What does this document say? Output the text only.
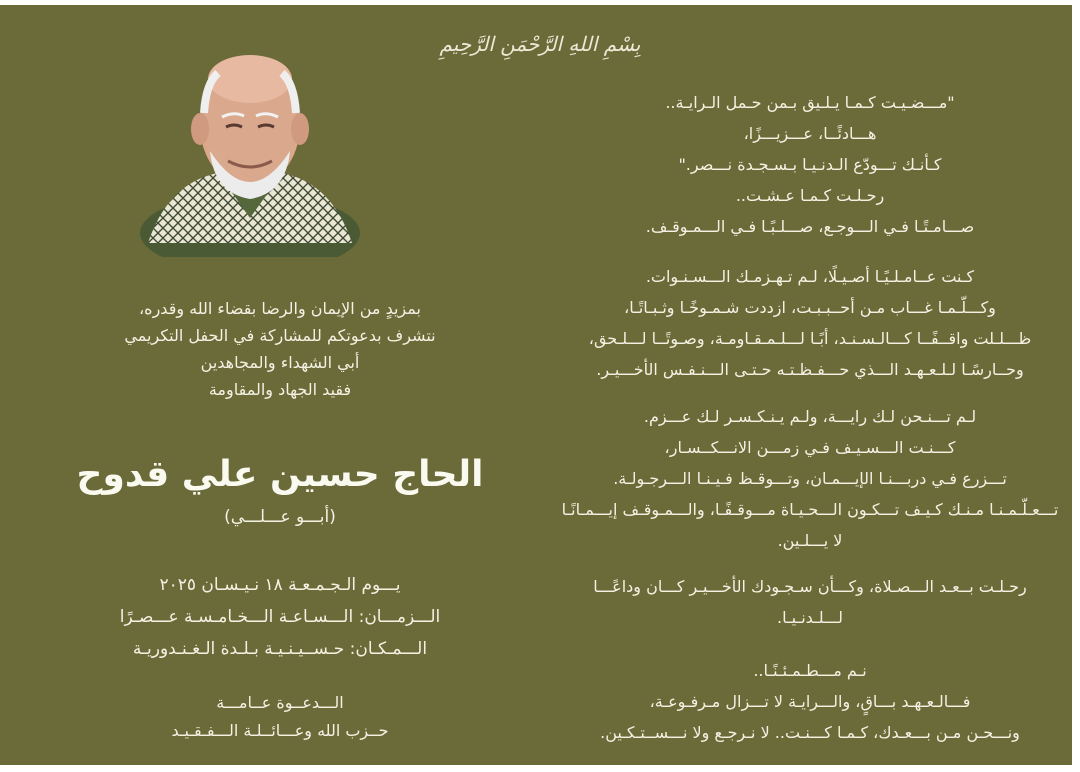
بِسْمِ اللهِ الرَّحْمَنِ الرَّحِيمِ
بمزيدٍ من الإيمان والرضا بقضاء الله وقدره،
نتشرف بدعوتكم للمشاركة في الحفل التكريمي
أبي الشهداء والمجاهدين
فقيد الجهاد والمقاومة
الحاج حسين علي قدوح
(أبـــو عـــلـــي)
يـــوم الـجـمـعـة ١٨ نـيـسـان ٢٠٢٥
الـــزمـــان: الـــسـاعـة الـــخـامـسـة عـــصـرًا
الـــمـكـان: حـســيـنـيـة بـلـدة الـغـنـدوريـة
الـــدعــوة عــامـــة
حــزب الله وعـــائــلـة الـــفـقـيـد
"مـــضـيـت كـمـا يـلـيق بـمن حـمل الـرايـة..
هـــادئًــا، عـــزيـــزًا،
كـأنـك تـــودّع الـدنـيـا بـسـجـدة نـــصر."
رحـلـت كـمـا عـشـت..
صـــامـتًـا فـي الـــوجـع، صـــلـبًـا فـي الـــمـوقـف.
كـنت عــامـلـيًـا أصـيـلًا، لـم تـهـزمـك الـــسـنـوات.
وكـــلّـمـا غـــاب مـن أحــبـبـت، ازددت شـمـوخًـا وثـبـاتًـا،
ظـــلـلت واقــفًــا كـــالـسـنـد، أبًـا لـــلـمـقـاومـة، وصـوتًــا لـــلـحق،
وحــارسًـا لـلـعـهـد الـــذي حـــفـظـتـه حـتـى الـــنـفـس الأخـــيـر.
لـم تـــنـحن لـك رايـــة، ولـم يـنـكـسـر لـك عـــزم.
كـــنـت الـــسـيـف فـي زمـــن الانـــكــسـار،
تـــزرع فـي دربـــنـا الإيـــمـان، وتـــوقـظ فـيـنـا الـــرجـولـة.
تـــعـلّـمـنـا مـنـك كـيـف تـــكـون الـــحـيـاة مـــوقـفًـا، والـــمـوقـف إيـــمـانًـا
لا يـــلـين.
رحـلـت بــعـد الـــصـلاة، وكـــأن سـجـودك الأخـــيـر كـــان وداعًـــا
لـــلـدنـيـا.
نـم مـــطـمـئـنًـا..
فـــالـعـهـد بـــاقٍ، والـــرايـة لا تـــزال مـرفـوعـة،
ونـــحـن مـن بـــعـدك، كـمـا كـــنـت.. لا نـرجـع ولا نـــســتـكـين.
